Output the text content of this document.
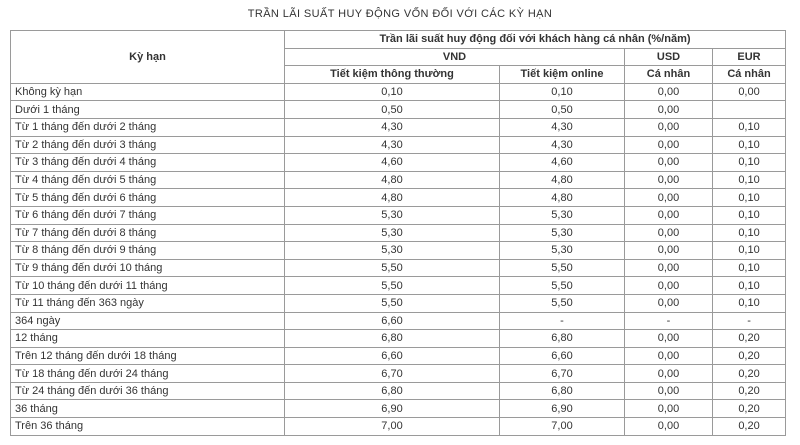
TRẦN LÃI SUẤT HUY ĐỘNG VỐN ĐỐI VỚI CÁC KỲ HẠN
Kỳ hạn	Trần lãi suất huy động đối với khách hàng cá nhân (%/năm)			
	VND		USD	EUR
	Tiết kiệm thông thường	Tiết kiệm online	Cá nhân	Cá nhân
Không kỳ hạn	0,10	0,10	0,00	0,00
Dưới 1 tháng	0,50	0,50	0,00	
Từ 1 tháng đến dưới 2 tháng	4,30	4,30	0,00	0,10
Từ 2 tháng đến dưới 3 tháng	4,30	4,30	0,00	0,10
Từ 3 tháng đến dưới 4 tháng	4,60	4,60	0,00	0,10
Từ 4 tháng đến dưới 5 tháng	4,80	4,80	0,00	0,10
Từ 5 tháng đến dưới 6 tháng	4,80	4,80	0,00	0,10
Từ 6 tháng đến dưới 7 tháng	5,30	5,30	0,00	0,10
Từ 7 tháng đến dưới 8 tháng	5,30	5,30	0,00	0,10
Từ 8 tháng đến dưới 9 tháng	5,30	5,30	0,00	0,10
Từ 9 tháng đến dưới 10 tháng	5,50	5,50	0,00	0,10
Từ 10 tháng đến dưới 11 tháng	5,50	5,50	0,00	0,10
Từ 11 tháng đến 363 ngày	5,50	5,50	0,00	0,10
364 ngày	6,60	-	-	-
12 tháng	6,80	6,80	0,00	0,20
Trên 12 tháng đến dưới 18 tháng	6,60	6,60	0,00	0,20
Từ 18 tháng đến dưới 24 tháng	6,70	6,70	0,00	0,20
Từ 24 tháng đến dưới 36 tháng	6,80	6,80	0,00	0,20
36 tháng	6,90	6,90	0,00	0,20
Trên 36 tháng	7,00	7,00	0,00	0,20
